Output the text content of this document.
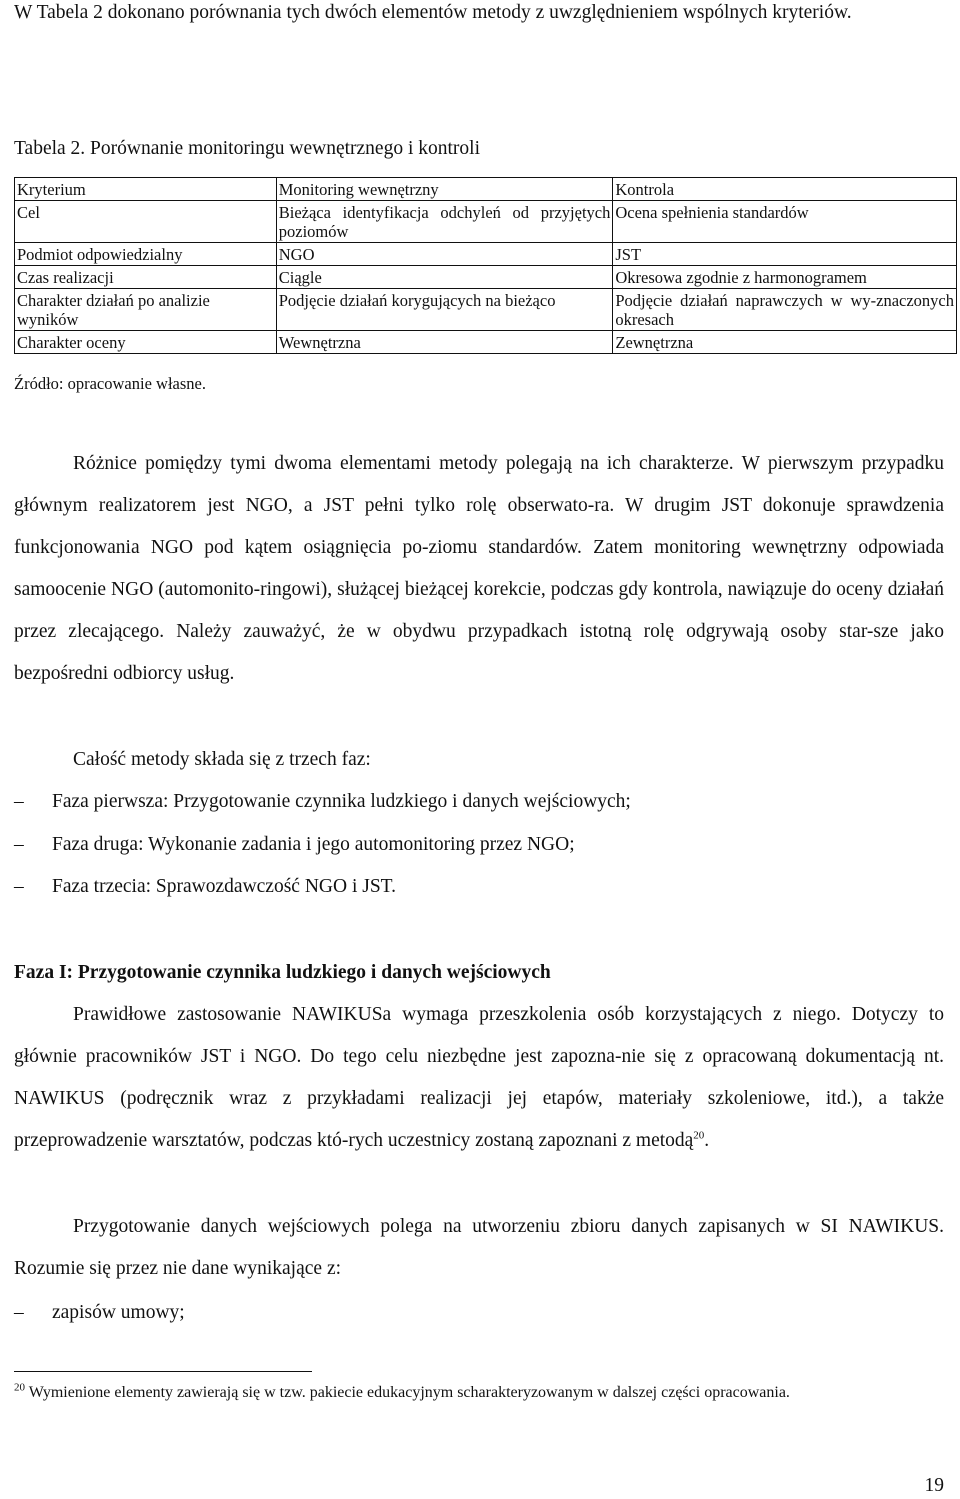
W Tabela 2 dokonano porównania tych dwóch elementów metody z uwzględnieniem wspólnych kryteriów.

Tabela 2. Porównanie monitoringu wewnętrznego i kontroli
Kryterium	Monitoring wewnętrzny	Kontrola
Cel	Bieżąca identyfikacja odchyleń od przyjętych poziomów	Ocena spełnienia standardów
Podmiot odpowiedzialny	NGO	JST
Czas realizacji	Ciągle	Okresowa zgodnie z harmonogramem
Charakter działań po analizie wyników	Podjęcie działań korygujących na bieżąco	Podjęcie działań naprawczych w wy-znaczonych okresach
Charakter oceny	Wewnętrzna	Zewnętrzna
Źródło: opracowanie własne.

Różnice pomiędzy tymi dwoma elementami metody polegają na ich charakterze. W pierwszym przypadku głównym realizatorem jest NGO, a JST pełni tylko rolę obserwato-ra. W drugim JST dokonuje sprawdzenia funkcjonowania NGO pod kątem osiągnięcia po-ziomu standardów. Zatem monitoring wewnętrzny odpowiada samoocenie NGO (automonito-ringowi), służącej bieżącej korekcie, podczas gdy kontrola, nawiązuje do oceny działań przez zlecającego. Należy zauważyć, że w obydwu przypadkach istotną rolę odgrywają osoby star-sze jako bezpośredni odbiorcy usług.

Całość metody składa się z trzech faz:

– Faza pierwsza: Przygotowanie czynnika ludzkiego i danych wejściowych;
– Faza druga: Wykonanie zadania i jego automonitoring przez NGO;
– Faza trzecia: Sprawozdawczość NGO i JST.
Faza I: Przygotowanie czynnika ludzkiego i danych wejściowych

Prawidłowe zastosowanie NAWIKUSa wymaga przeszkolenia osób korzystających z niego. Dotyczy to głównie pracowników JST i NGO. Do tego celu niezbędne jest zapozna-nie się z opracowaną dokumentacją nt. NAWIKUS (podręcznik wraz z przykładami realizacji jej etapów, materiały szkoleniowe, itd.), a także przeprowadzenie warsztatów, podczas któ-rych uczestnicy zostaną zapoznani z metodą$^{20}$.

Przygotowanie danych wejściowych polega na utworzeniu zbioru danych zapisanych w SI NAWIKUS. Rozumie się przez nie dane wynikające z:

– zapisów umowy;
$^{20}$ Wymienione elementy zawierają się w tzw. pakiecie edukacyjnym scharakteryzowanym w dalszej części opracowania.
19
